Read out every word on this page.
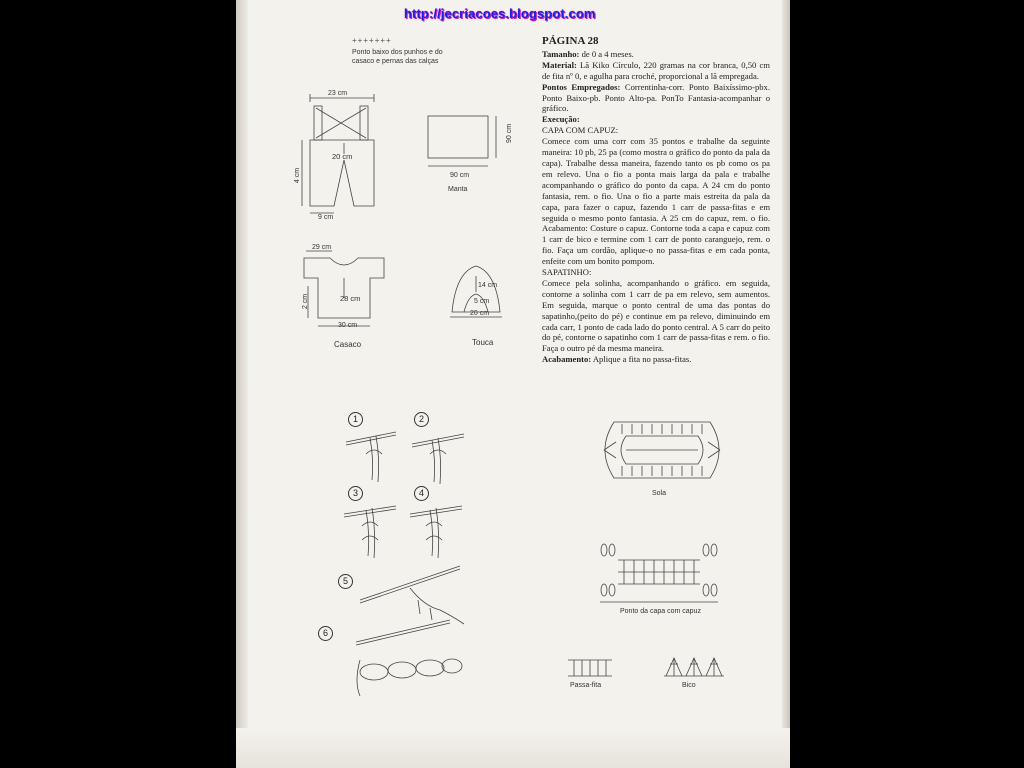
http://jecriacoes.blogspot.com
+++++++
Ponto baixo dos punhos e do casaco e pernas das calças
23 cm
20 cm
4 cm
9 cm
90 cm
90 cm
Manta
29 cm
28 cm
2 cm
30 cm
Casaco
14 cm
5 cm
20 cm
Touca
1	2
3	4
5
6
PÁGINA 28

Tamanho: de 0 a 4 meses.

Material: Lã Kiko Círculo, 220 gramas na cor branca, 0,50 cm de fita nº 0, e agulha para croché, proporcional a lã empregada.

Pontos Empregados: Correntinha-corr. Ponto Baixíssimo-pbx. Ponto Baixo-pb. Ponto Alto-pa. PonTo Fantasia-acompanhar o gráfico.

Execução:

CAPA COM CAPUZ:

Comece com uma corr com 35 pontos e trabalhe da seguinte maneira: 10 pb, 25 pa (como mostra o gráfico do ponto da pala da capa). Trabalhe dessa maneira, fazendo tanto os pb como os pa em relevo. Una o fio a ponta mais larga da pala e trabalhe acompanhando o gráfico do ponto da capa. A 24 cm do ponto fantasia, rem. o fio. Una o fio a parte mais estreita da pala da capa, para fazer o capuz, fazendo 1 carr de passa-fitas e em seguida o mesmo ponto fantasia. A 25 cm do capuz, rem. o fio. Acabamento: Costure o capuz. Contorne toda a capa e capuz com 1 carr de bico e termine com 1 carr de ponto caranguejo, rem. o fio. Faça um cordão, aplique-o no passa-fitas e em cada ponta, enfeite com um bonito pompom.

SAPATINHO:

Comece pela solinha, acompanhando o gráfico. em seguida, contorne a solinha com 1 carr de pa em relevo, sem aumentos. Em seguida, marque o ponto central de uma das pontas do sapatinho,(peito do pé) e continue em pa relevo, diminuindo em cada carr, 1 ponto de cada lado do ponto central. A 5 carr do peito do pé, contorne o sapatinho com 1 carr de passa-fitas e rem. o fio. Faça o outro pé da mesma maneira.

Acabamento: Aplique a fita no passa-fitas.

Sola
Ponto da capa com capuz
Passa-fita	Bico
